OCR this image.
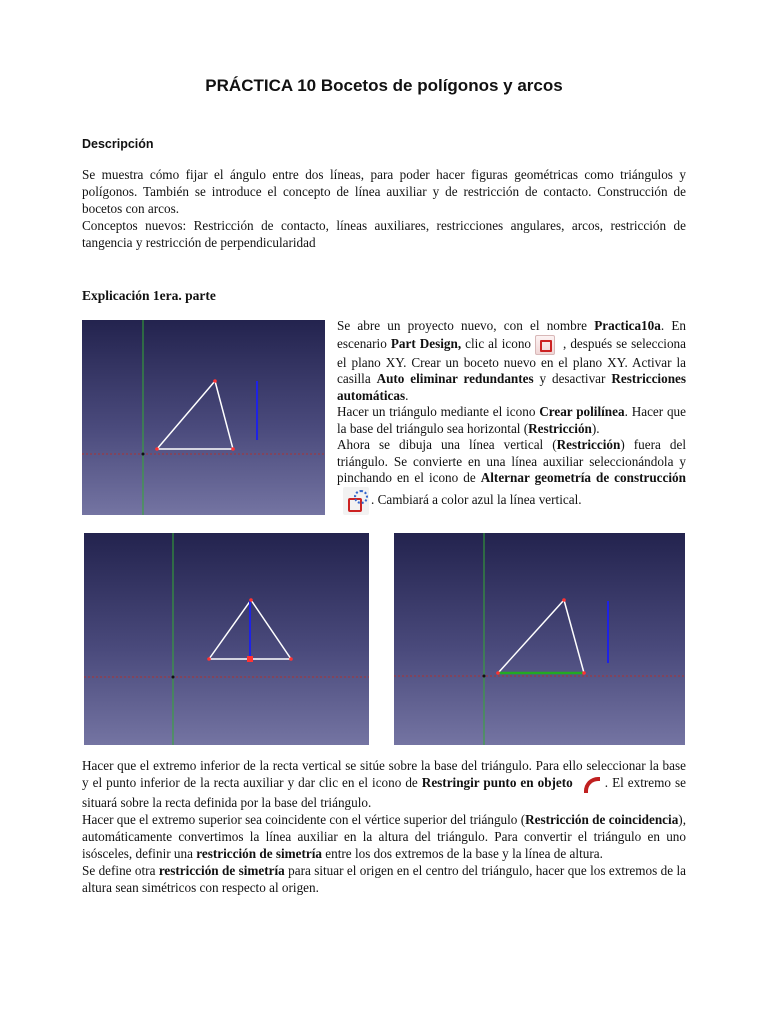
PRÁCTICA 10 Bocetos de polígonos y arcos
Descripción

Se muestra cómo fijar el ángulo entre dos líneas, para poder hacer figuras geométricas como triángulos y polígonos. También se introduce el concepto de línea auxiliar y de restricción de contacto. Construcción de bocetos con arcos.
Conceptos nuevos: Restricción de contacto, líneas auxiliares, restricciones angulares, arcos, restricción de tangencia y restricción de perpendicularidad

Explicación 1era. parte

Se abre un proyecto nuevo, con el nombre Practica10a. En escenario Part Design, clic al icono , después se selecciona el plano XY. Crear un boceto nuevo en el plano XY. Activar la casilla Auto eliminar redundantes y desactivar Restricciones automáticas.
Hacer un triángulo mediante el icono Crear polilínea. Hacer que la base del triángulo sea horizontal (Restricción).
Ahora se dibuja una línea vertical (Restricción) fuera del triángulo. Se convierte en una línea auxiliar seleccionándola y pinchando en el icono de Alternar geometría de construcción. Cambiará a color azul la línea vertical.

Hacer que el extremo inferior de la recta vertical se sitúe sobre la base del triángulo. Para ello seleccionar la base y el punto inferior de la recta auxiliar y dar clic en el icono de Restringir punto en objeto . El extremo se situará sobre la recta definida por la base del triángulo.
Hacer que el extremo superior sea coincidente con el vértice superior del triángulo (Restricción de coincidencia), automáticamente convertimos la línea auxiliar en la altura del triángulo. Para convertir el triángulo en uno isósceles, definir una restricción de simetría entre los dos extremos de la base y la línea de altura.
Se define otra restricción de simetría para situar el origen en el centro del triángulo, hacer que los extremos de la altura sean simétricos con respecto al origen.
